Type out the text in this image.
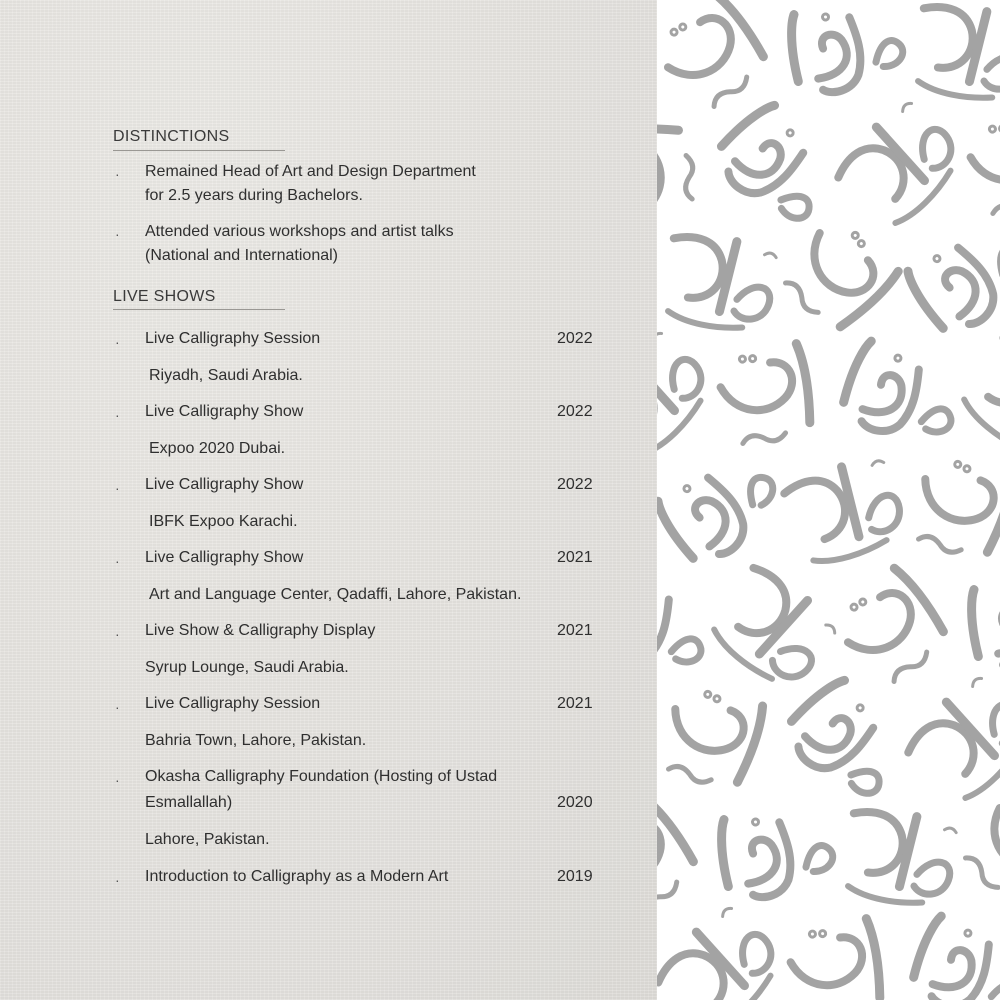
DISTINCTIONS
· Remained Head of Art and Design Department
for 2.5 years during Bachelors.
· Attended various workshops and artist talks
(National and International)
LIVE SHOWS
· Live Calligraphy Session	2022
Riyadh, Saudi Arabia.
· Live Calligraphy Show	2022
Expoo 2020 Dubai.
· Live Calligraphy Show	2022
IBFK Expoo Karachi.
· Live Calligraphy Show	2021
Art and Language Center, Qadaffi, Lahore, Pakistan.
· Live Show & Calligraphy Display	2021
Syrup Lounge, Saudi Arabia.
· Live Calligraphy Session	2021
Bahria Town, Lahore, Pakistan.
· Okasha Calligraphy Foundation (Hosting of Ustad
Esmallallah)	2020
Lahore, Pakistan.
· Introduction to Calligraphy as a Modern Art	2019
